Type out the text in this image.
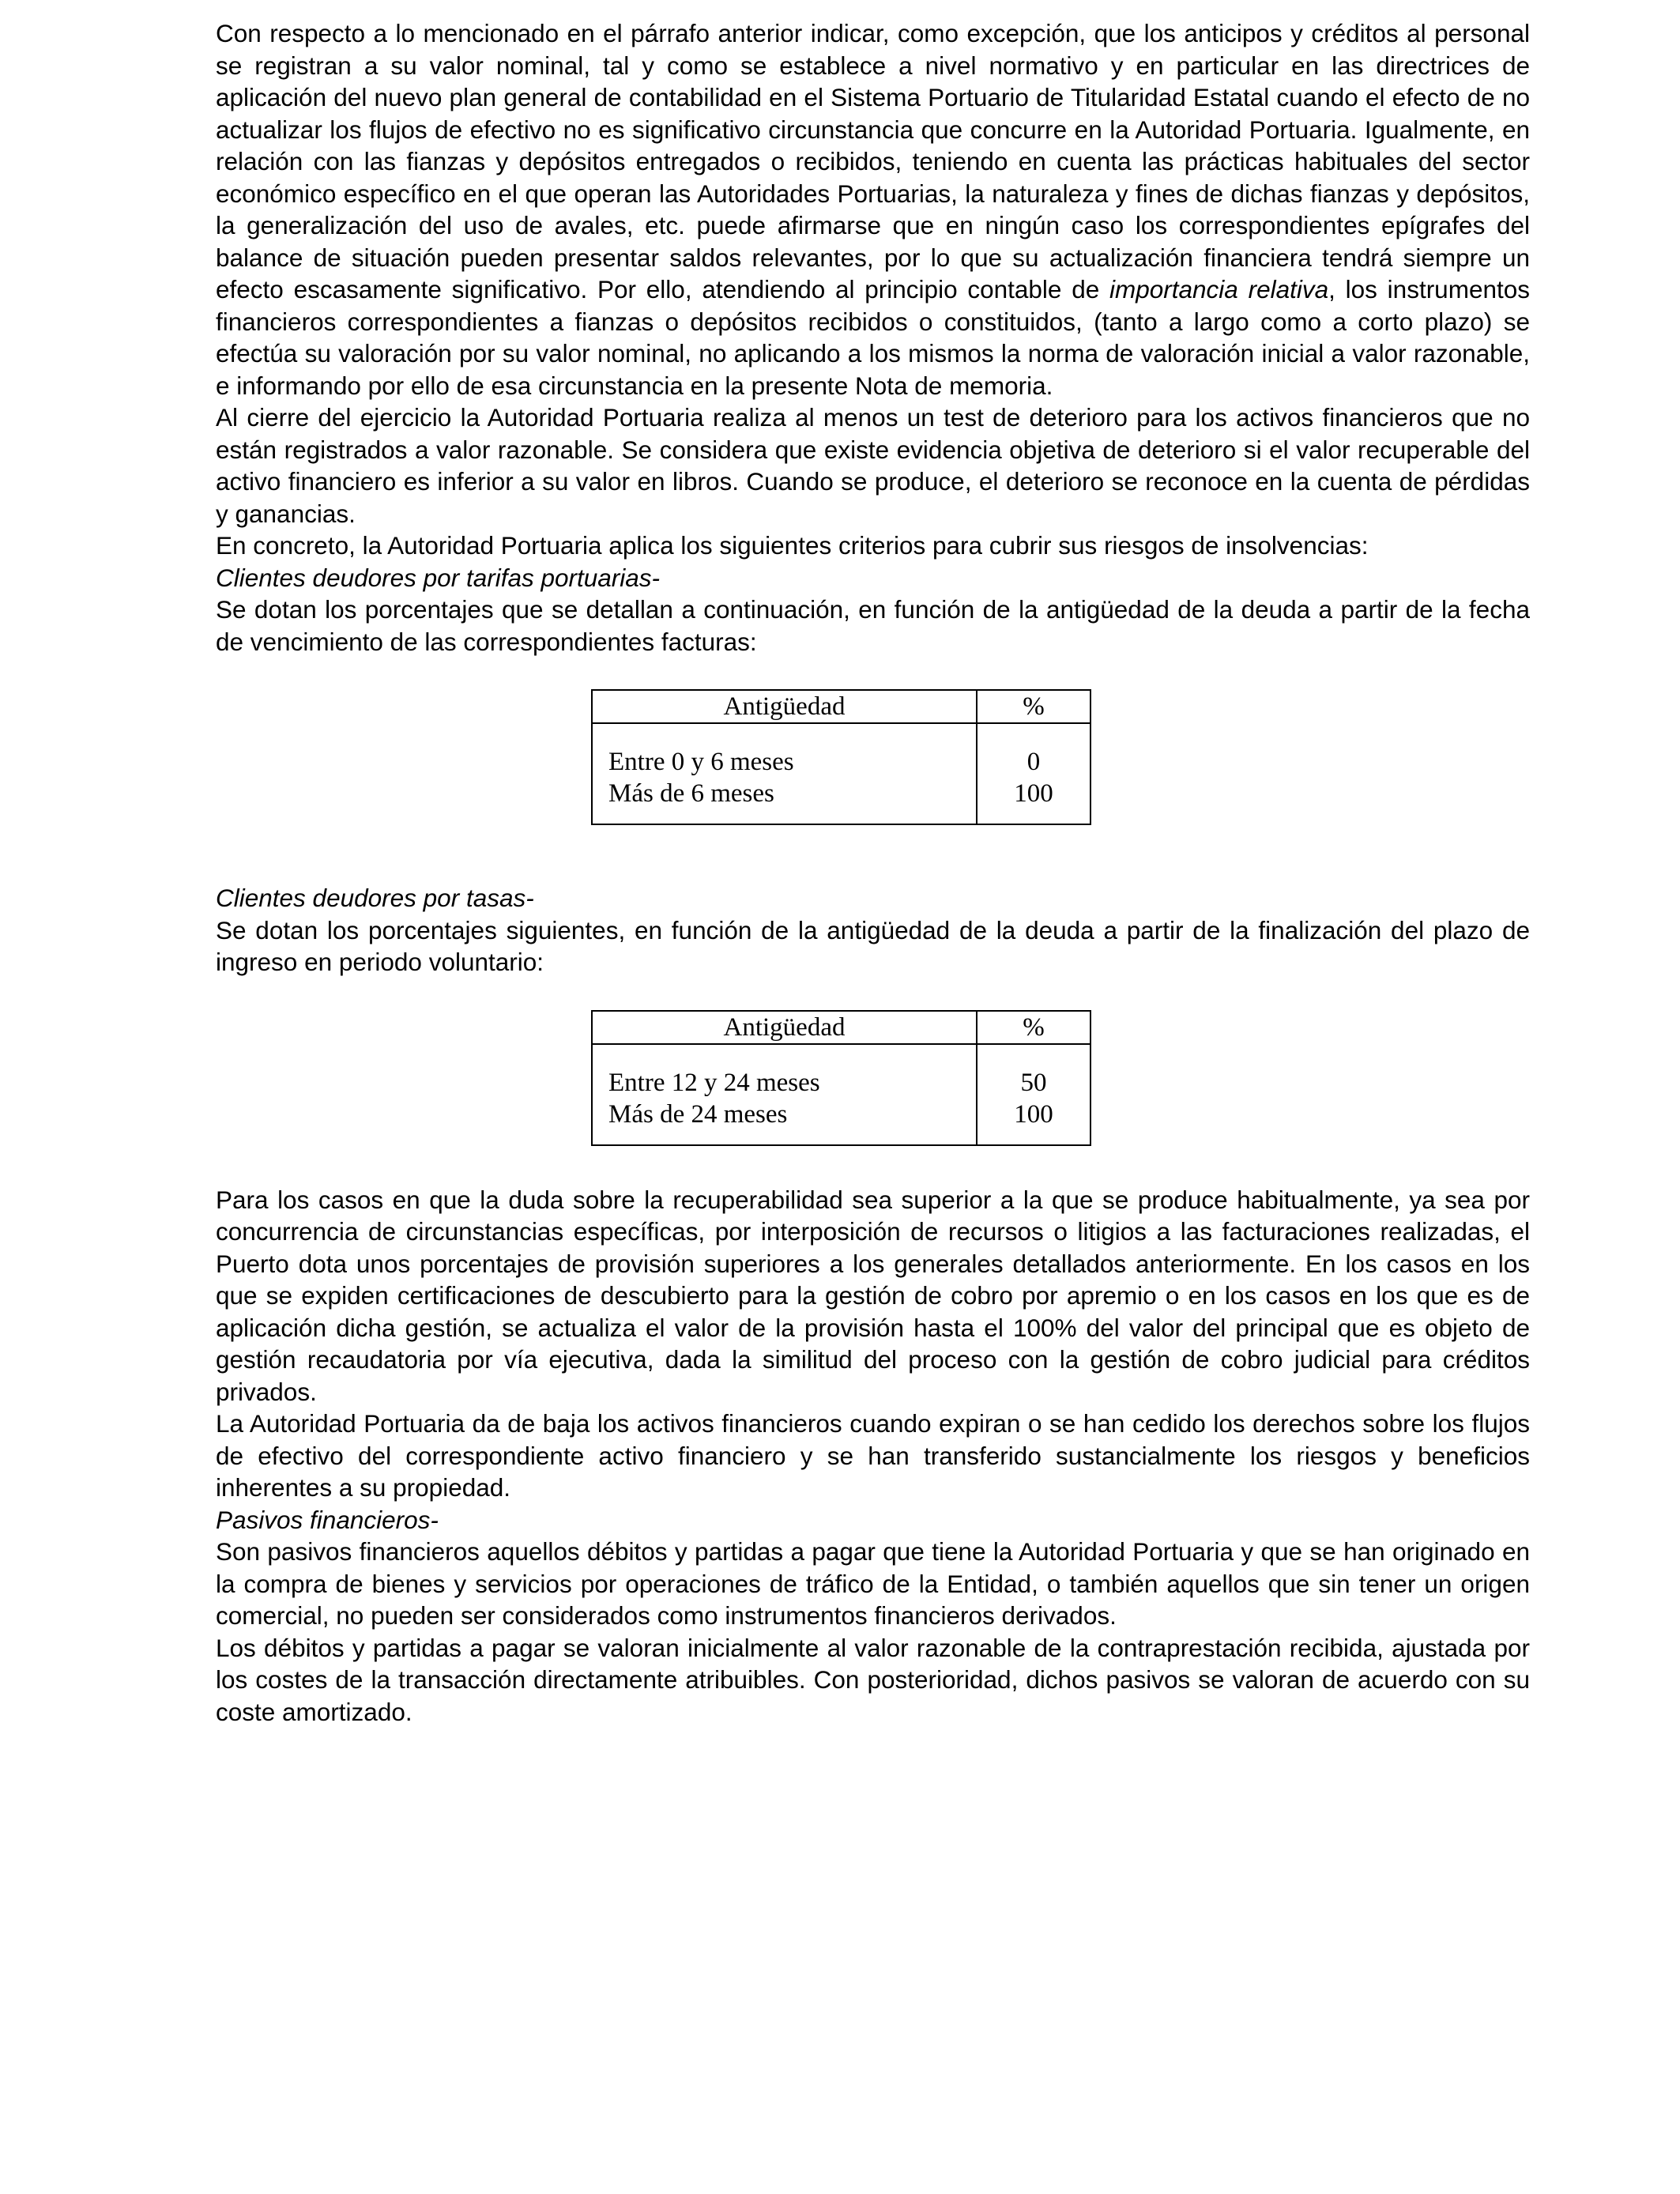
Con respecto a lo mencionado en el párrafo anterior indicar, como excepción, que los anticipos y créditos al personal se registran a su valor nominal, tal y como se establece a nivel normativo y en particular en las directrices de aplicación del nuevo plan general de contabilidad en el Sistema Portuario de Titularidad Estatal cuando el efecto de no actualizar los flujos de efectivo no es significativo circunstancia que concurre en la Autoridad Portuaria. Igualmente, en relación con las fianzas y depósitos entregados o recibidos, teniendo en cuenta las prácticas habituales del sector económico específico en el que operan las Autoridades Portuarias, la naturaleza y fines de dichas fianzas y depósitos, la generalización del uso de avales, etc. puede afirmarse que en ningún caso los correspondientes epígrafes del balance de situación pueden presentar saldos relevantes, por lo que su actualización financiera tendrá siempre un efecto escasamente significativo. Por ello, atendiendo al principio contable de importancia relativa, los instrumentos financieros correspondientes a fianzas o depósitos recibidos o constituidos, (tanto a largo como a corto plazo) se efectúa su valoración por su valor nominal, no aplicando a los mismos la norma de valoración inicial a valor razonable, e informando por ello de esa circunstancia en la presente Nota de memoria.

Al cierre del ejercicio la Autoridad Portuaria realiza al menos un test de deterioro para los activos financieros que no están registrados a valor razonable. Se considera que existe evidencia objetiva de deterioro si el valor recuperable del activo financiero es inferior a su valor en libros. Cuando se produce, el deterioro se reconoce en la cuenta de pérdidas y ganancias.

En concreto, la Autoridad Portuaria aplica los siguientes criterios para cubrir sus riesgos de insolvencias:

Clientes deudores por tarifas portuarias-

Se dotan los porcentajes que se detallan a continuación, en función de la antigüedad de la deuda a partir de la fecha de vencimiento de las correspondientes facturas:

Antigüedad	%

Entre 0 y 6 meses	0
Más de 6 meses	100

Clientes deudores por tasas-

Se dotan los porcentajes siguientes, en función de la antigüedad de la deuda a partir de la finalización del plazo de ingreso en periodo voluntario:

Antigüedad	%

Entre 12 y 24 meses	50
Más de 24 meses	100

Para los casos en que la duda sobre la recuperabilidad sea superior a la que se produce habitualmente, ya sea por concurrencia de circunstancias específicas, por interposición de recursos o litigios a las facturaciones realizadas, el Puerto dota unos porcentajes de provisión superiores a los generales detallados anteriormente. En los casos en los que se expiden certificaciones de descubierto para la gestión de cobro por apremio o en los casos en los que es de aplicación dicha gestión, se actualiza el valor de la provisión hasta el 100% del valor del principal que es objeto de gestión recaudatoria por vía ejecutiva, dada la similitud del proceso con la gestión de cobro judicial para créditos privados.

La Autoridad Portuaria da de baja los activos financieros cuando expiran o se han cedido los derechos sobre los flujos de efectivo del correspondiente activo financiero y se han transferido sustancialmente los riesgos y beneficios inherentes a su propiedad.

Pasivos financieros-

Son pasivos financieros aquellos débitos y partidas a pagar que tiene la Autoridad Portuaria y que se han originado en la compra de bienes y servicios por operaciones de tráfico de la Entidad, o también aquellos que sin tener un origen comercial, no pueden ser considerados como instrumentos financieros derivados.

Los débitos y partidas a pagar se valoran inicialmente al valor razonable de la contraprestación recibida, ajustada por los costes de la transacción directamente atribuibles. Con posterioridad, dichos pasivos se valoran de acuerdo con su coste amortizado.
